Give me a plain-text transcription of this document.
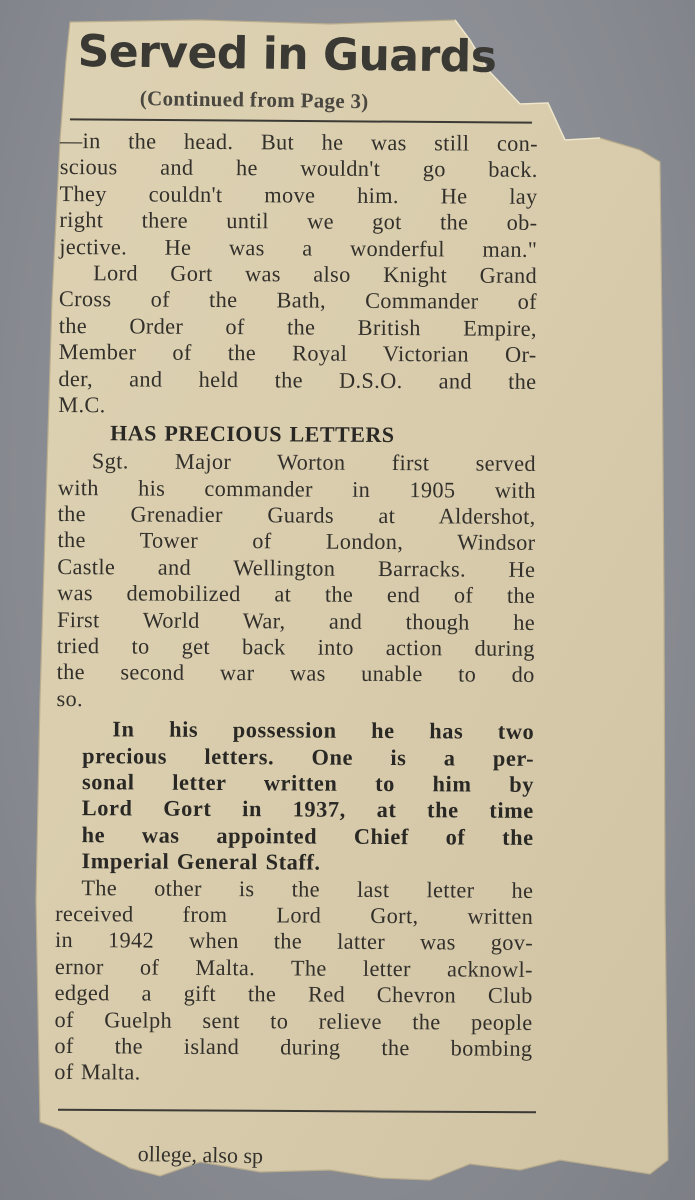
Served in Guards
(Continued from Page 3)
—in the head. But he was still con-
scious and he wouldn't go back.
They couldn't move him. He lay
right there until we got the ob-
jective. He was a wonderful man."
Lord Gort was also Knight Grand
Cross of the Bath, Commander of
the Order of the British Empire,
Member of the Royal Victorian Or-
der, and held the D.S.O. and the
M.C.
HAS PRECIOUS LETTERS
Sgt. Major Worton first served
with his commander in 1905 with
the Grenadier Guards at Aldershot,
the Tower of London, Windsor
Castle and Wellington Barracks. He
was demobilized at the end of the
First World War, and though he
tried to get back into action during
the second war was unable to do
so.
In his possession he has two
precious letters. One is a per-
sonal letter written to him by
Lord Gort in 1937, at the time
he was appointed Chief of the
Imperial General Staff.
The other is the last letter he
received from Lord Gort, written
in 1942 when the latter was gov-
ernor of Malta. The letter acknowl-
edged a gift the Red Chevron Club
of Guelph sent to relieve the people
of the island during the bombing
of Malta.
ollege, also sp
